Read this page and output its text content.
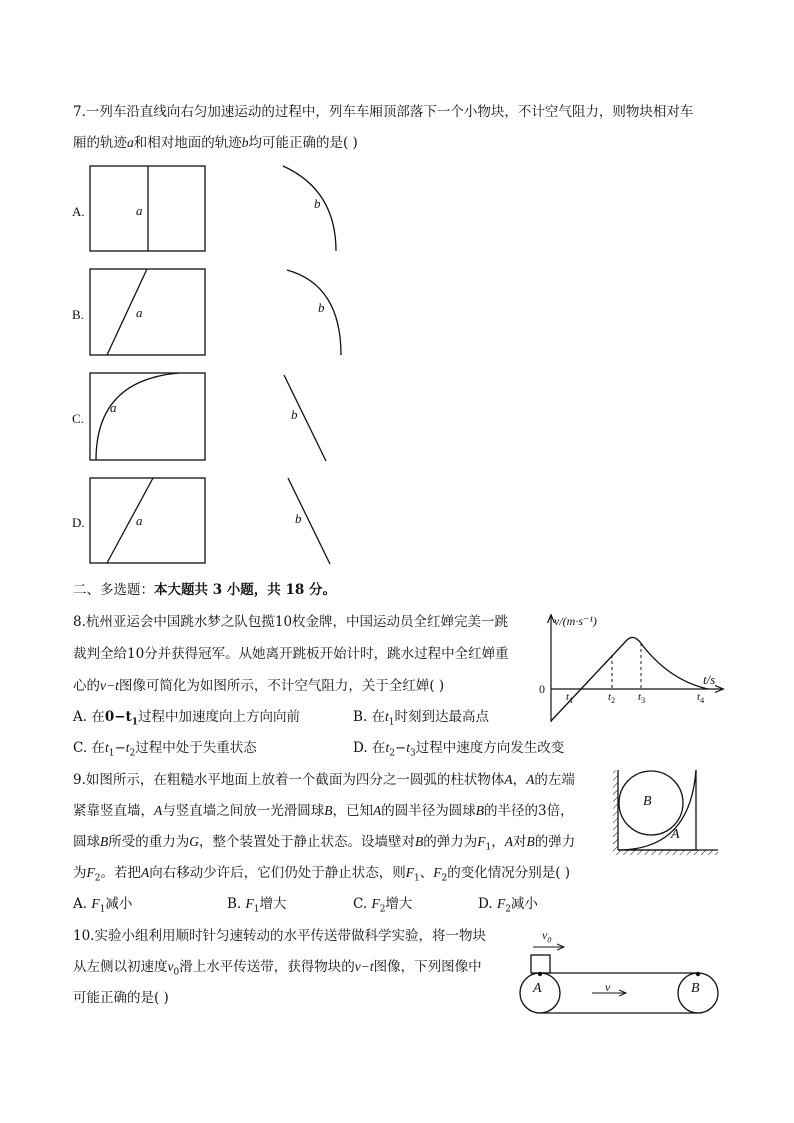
7.一列车沿直线向右匀加速运动的过程中，列车车厢顶部落下一个小物块，不计空气阻力，则物块相对车
厢的轨迹a和相对地面的轨迹b均可能正确的是( )
A.	a	b
B.	a	b
C.
a	b
D.	a	b
二、多选题：本大题共 3 小题，共 18 分。
8.杭州亚运会中国跳水梦之队包揽10枚金牌，中国运动员全红婵完美一跳
裁判全给10分并获得冠军。从她离开跳板开始计时，跳水过程中全红婵重
心的v−t图像可简化为如图所示，不计空气阻力，关于全红婵( )
A. 在$0-t_1$过程中加速度向上方向向前	B. 在$t_1$时刻到达最高点
C. 在$t_1-t_2$过程中处于失重状态	D. 在$t_2-t_3$过程中速度方向发生改变
v/(m·s⁻¹)
t/s
0
$t_1$	$t_2$ $t_3$	$t_4$
9.如图所示，在粗糙水平地面上放着一个截面为四分之一圆弧的柱状物体A，A的左端
紧靠竖直墙，A与竖直墙之间放一光滑圆球B，已知A的圆半径为圆球B的半径的3倍，
圆球B所受的重力为G，整个装置处于静止状态。设墙壁对B的弹力为$F_1$，A对B的弹力
为$F_2$。若把A向右移动少许后，它们仍处于静止状态，则$F_1$、$F_2$的变化情况分别是( )
A. $F_1$减小	B. $F_1$增大	C. $F_2$增大	D. $F_2$减小
B
A
10.实验小组利用顺时针匀速转动的水平传送带做科学实验，将一物块
从左侧以初速度$v_0$滑上水平传送带，获得物块的v−t图像，下列图像中
可能正确的是( )
$v_0$
v
A	B
